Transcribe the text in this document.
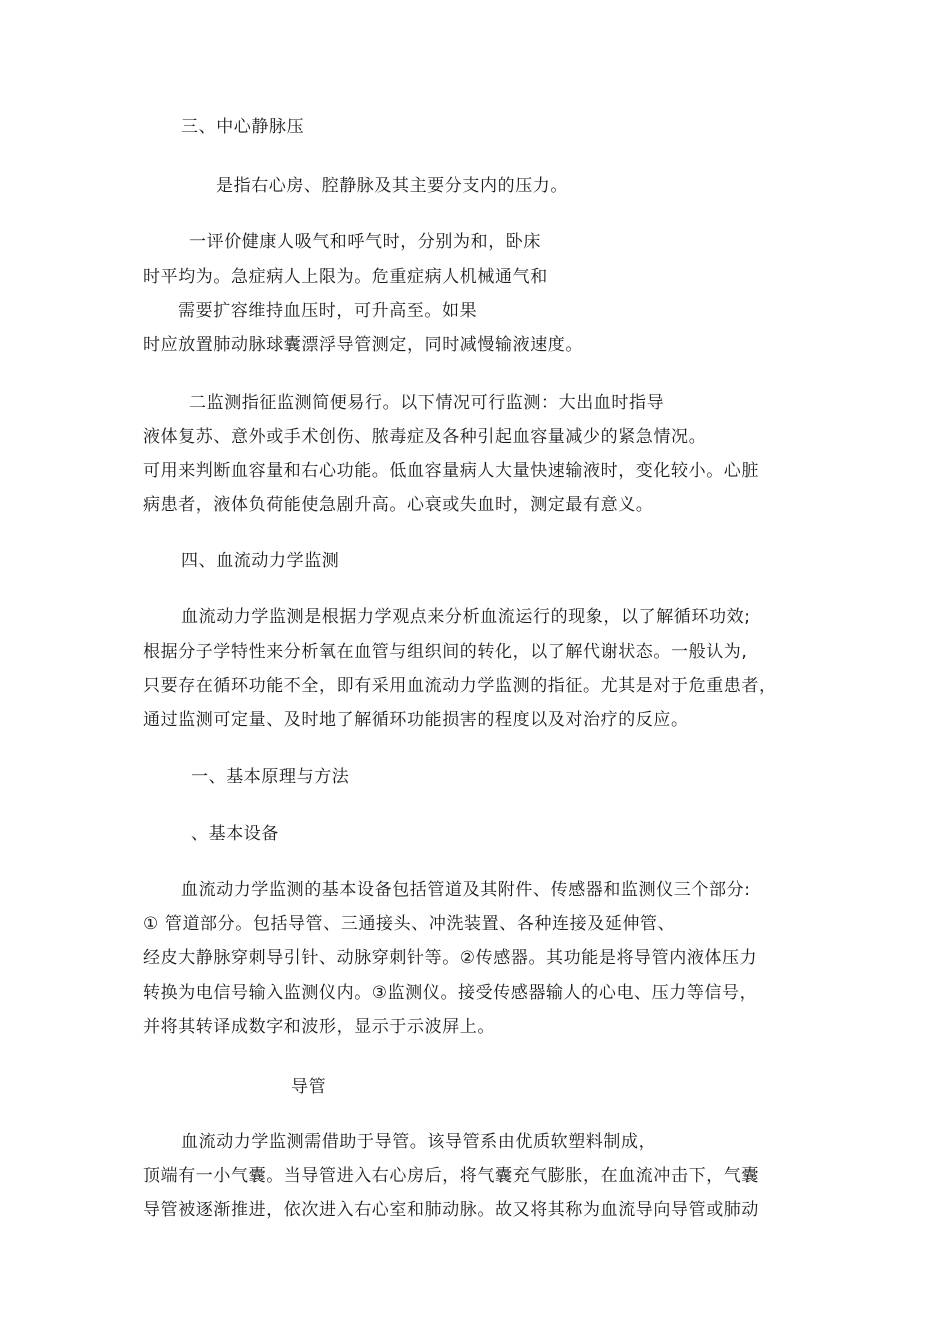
三、中心静脉压
是指右心房、腔静脉及其主要分支内的压力。
一评价健康人吸气和呼气时，分别为和，卧床
时平均为。急症病人上限为。危重症病人机械通气和
需要扩容维持血压时，可升高至。如果
时应放置肺动脉球囊漂浮导管测定，同时减慢输液速度。
二监测指征监测简便易行。以下情况可行监测：大出血时指导
液体复苏、意外或手术创伤、脓毒症及各种引起血容量减少的紧急情况。
可用来判断血容量和右心功能。低血容量病人大量快速输液时，变化较小。心脏
病患者，液体负荷能使急剧升高。心衰或失血时，测定最有意义。
四、血流动力学监测
血流动力学监测是根据力学观点来分析血流运行的现象，以了解循环功效;
根据分子学特性来分析氧在血管与组织间的转化，以了解代谢状态。一般认为,
只要存在循环功能不全，即有采用血流动力学监测的指征。尤其是对于危重患者，
通过监测可定量、及时地了解循环功能损害的程度以及对治疗的反应。
一、基本原理与方法
、基本设备
血流动力学监测的基本设备包括管道及其附件、传感器和监测仪三个部分:
① 管道部分。包括导管、三通接头、冲洗装置、各种连接及延伸管、
经皮大静脉穿刺导引针、动脉穿刺针等。②传感器。其功能是将导管内液体压力
转换为电信号输入监测仪内。③监测仪。接受传感器输人的心电、压力等信号，
并将其转译成数字和波形，显示于示波屏上。
导管
血流动力学监测需借助于导管。该导管系由优质软塑料制成，
顶端有一小气囊。当导管进入右心房后，将气囊充气膨胀，在血流冲击下，气囊
导管被逐渐推进，依次进入右心室和肺动脉。故又将其称为血流导向导管或肺动
